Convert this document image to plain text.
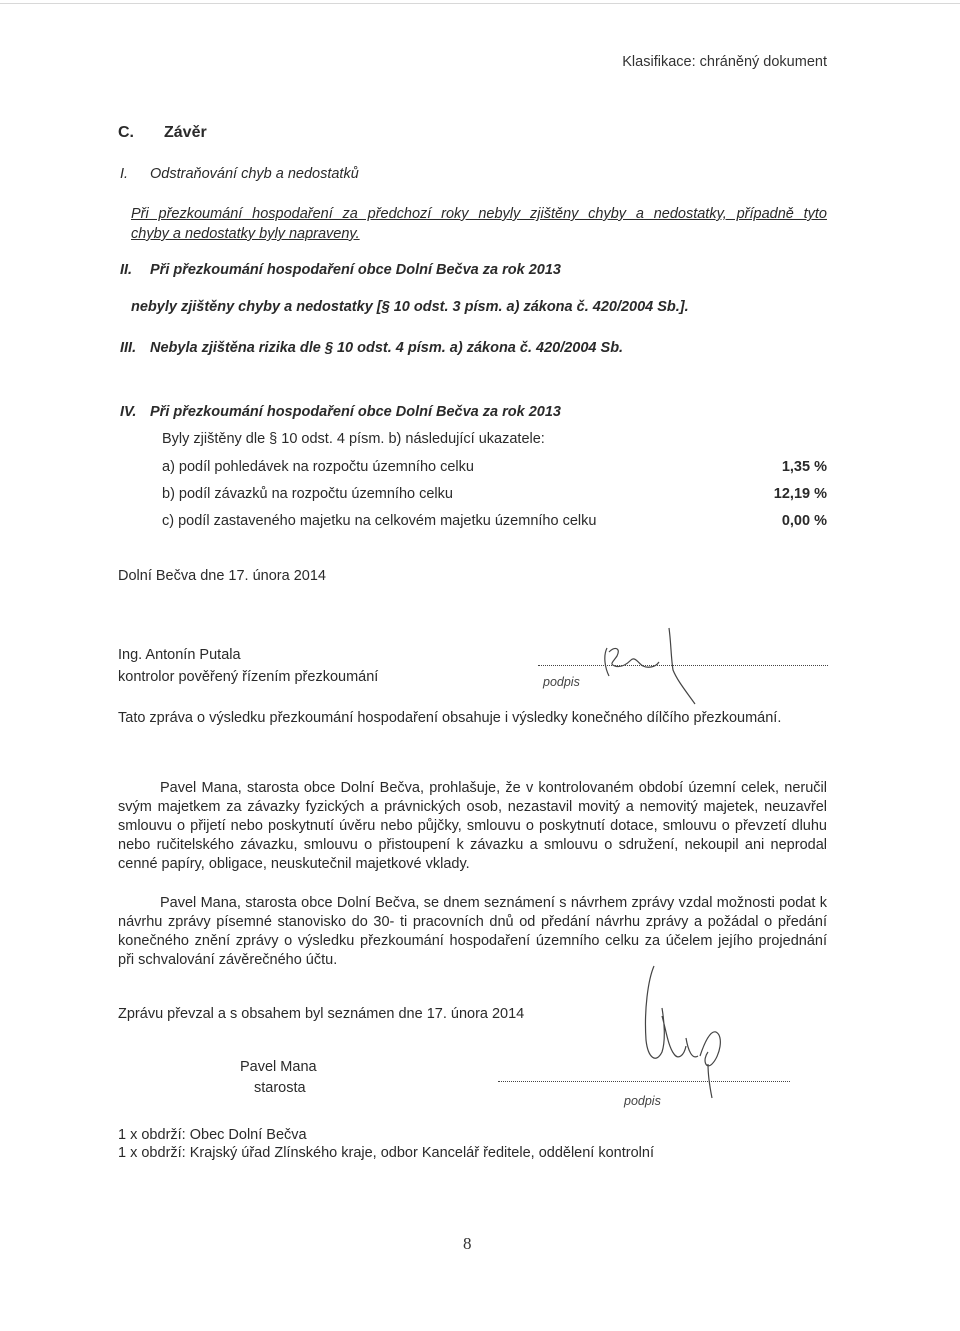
Klasifikace: chráněný dokument
C. Závěr
I. Odstraňování chyb a nedostatků
Při přezkoumání hospodaření za předchozí roky nebyly zjištěny chyby a nedostatky, případně tyto
chyby a nedostatky byly napraveny.
II. Při přezkoumání hospodaření obce Dolní Bečva za rok 2013
nebyly zjištěny chyby a nedostatky [§ 10 odst. 3 písm. a) zákona č. 420/2004 Sb.].
III. Nebyla zjištěna rizika dle § 10 odst. 4 písm. a) zákona č. 420/2004 Sb.
IV. Při přezkoumání hospodaření obce Dolní Bečva za rok 2013
Byly zjištěny dle § 10 odst. 4 písm. b) následující ukazatele:
a) podíl pohledávek na rozpočtu územního celku	1,35 %
b) podíl závazků na rozpočtu územního celku	12,19 %
c) podíl zastaveného majetku na celkovém majetku územního celku	0,00 %
Dolní Bečva dne 17. února 2014
Ing. Antonín Putala
kontrolor pověřený řízením přezkoumání	podpis
Tato zpráva o výsledku přezkoumání hospodaření obsahuje i výsledky konečného dílčího přezkoumání.
Pavel Mana, starosta obce Dolní Bečva, prohlašuje, že v kontrolovaném období územní celek, neručil svým majetkem za závazky fyzických a právnických osob, nezastavil movitý a nemovitý majetek, neuzavřel smlouvu o přijetí nebo poskytnutí úvěru nebo půjčky, smlouvu o poskytnutí dotace, smlouvu o převzetí dluhu nebo ručitelského závazku, smlouvu o přistoupení k závazku a smlouvu o sdružení, nekoupil ani neprodal cenné papíry, obligace, neuskutečnil majetkové vklady.
Pavel Mana, starosta obce Dolní Bečva, se dnem seznámení s návrhem zprávy vzdal možnosti podat k návrhu zprávy písemné stanovisko do 30- ti pracovních dnů od předání návrhu zprávy a požádal o předání konečného znění zprávy o výsledku přezkoumání hospodaření územního celku za účelem jejího projednání při schvalování závěrečného účtu.
Zprávu převzal a s obsahem byl seznámen dne 17. února 2014
Pavel Mana
starosta
podpis
1 x obdrží: Obec Dolní Bečva
1 x obdrží: Krajský úřad Zlínského kraje, odbor Kancelář ředitele, oddělení kontrolní
8
